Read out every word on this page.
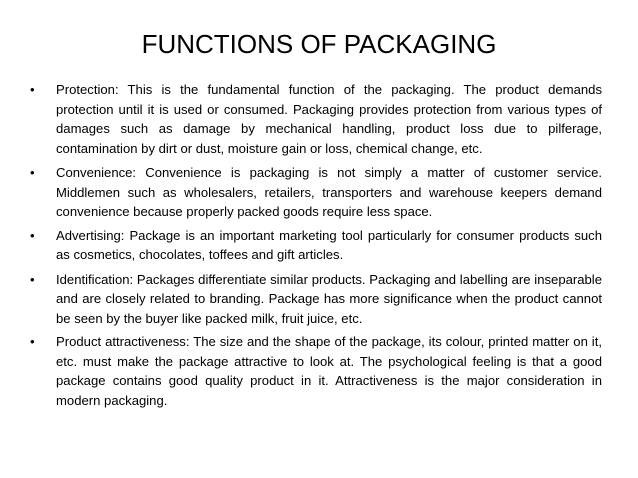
FUNCTIONS OF PACKAGING
• Protection: This is the fundamental function of the packaging. The product demands protection until it is used or consumed. Packaging provides protection from various types of damages such as damage by mechanical handling, product loss due to pilferage, contamination by dirt or dust, moisture gain or loss, chemical change, etc.
• Convenience: Convenience is packaging is not simply a matter of customer service. Middlemen such as wholesalers, retailers, transporters and warehouse keepers demand convenience because properly packed goods require less space.
• Advertising: Package is an important marketing tool particularly for consumer products such as cosmetics, chocolates, toffees and gift articles.
• Identification: Packages differentiate similar products. Packaging and labelling are inseparable and are closely related to branding. Package has more significance when the product cannot be seen by the buyer like packed milk, fruit juice, etc.
• Product attractiveness: The size and the shape of the package, its colour, printed matter on it, etc. must make the package attractive to look at. The psychological feeling is that a good package contains good quality product in it. Attractiveness is the major consideration in modern packaging.
